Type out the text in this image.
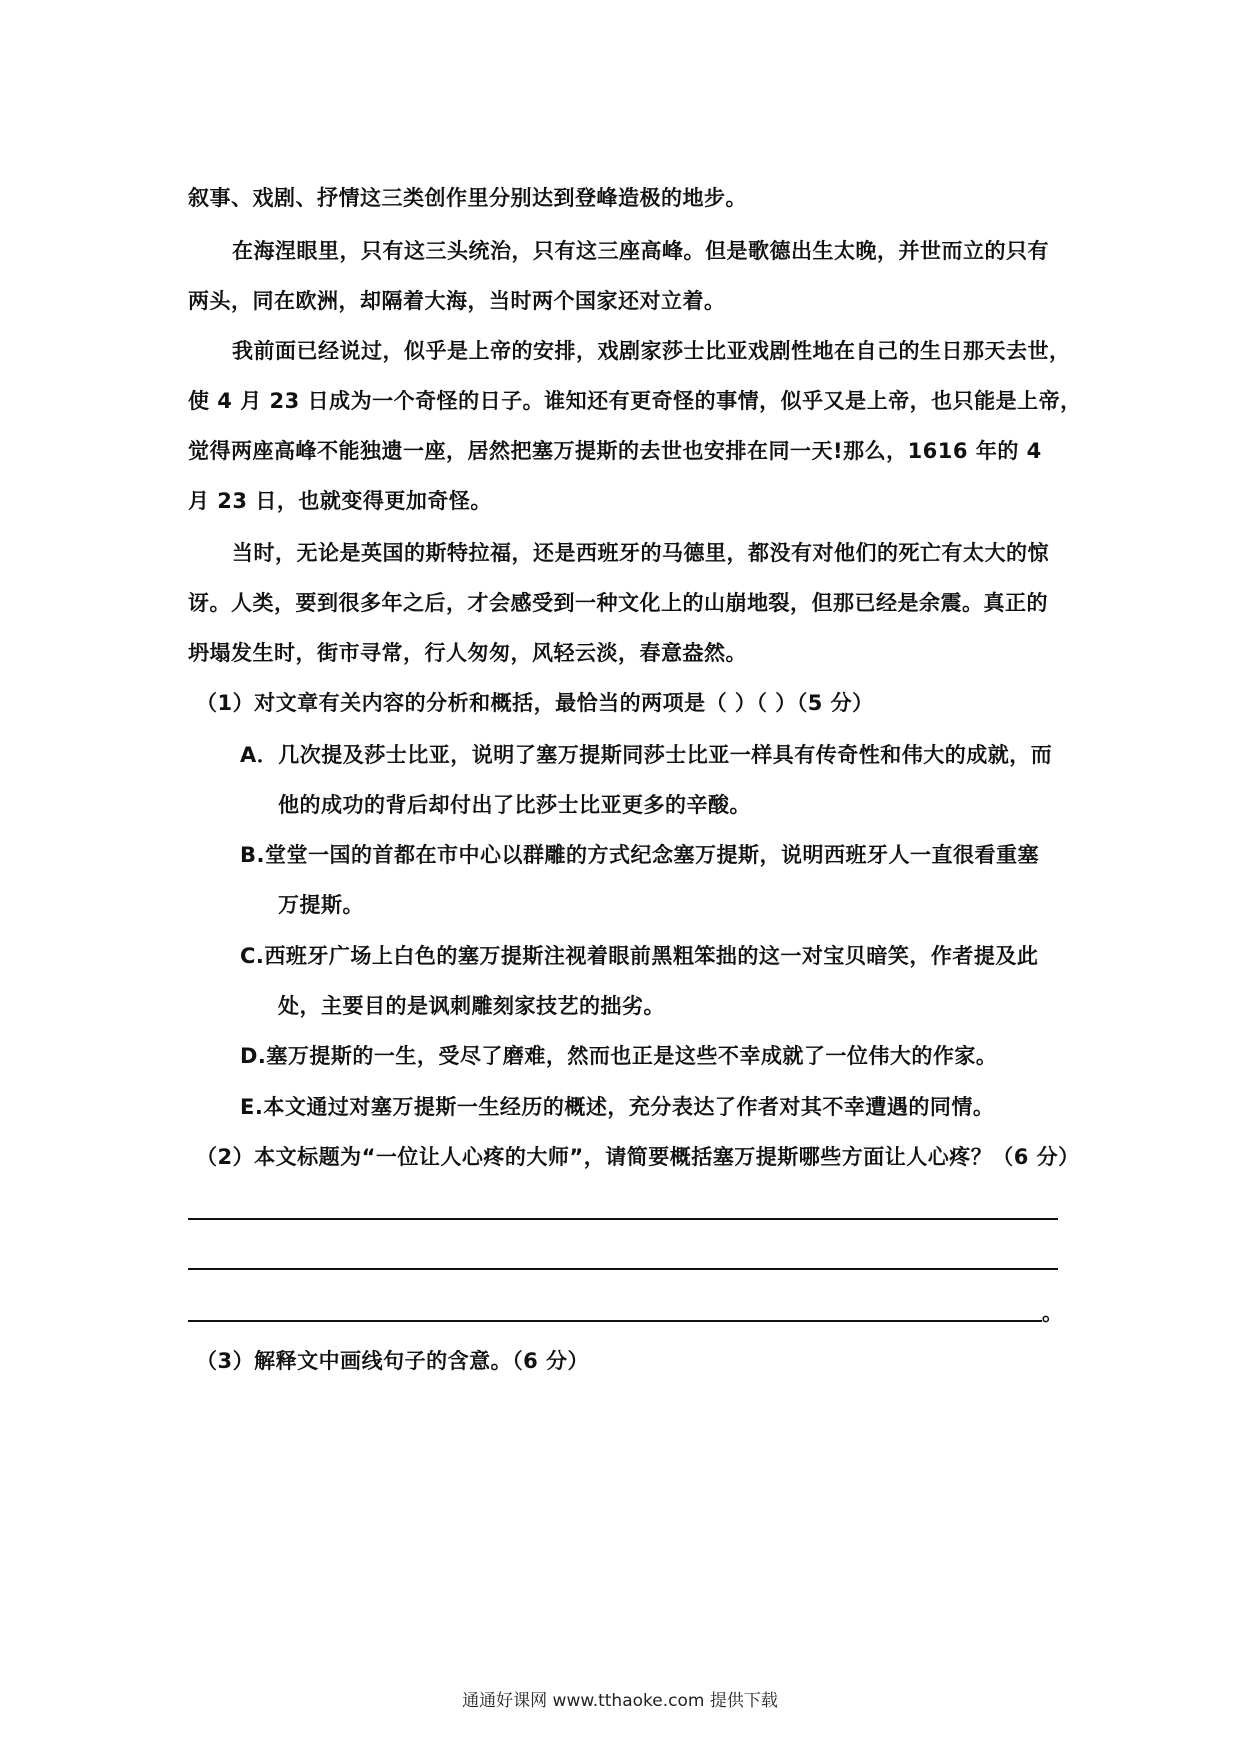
叙事、戏剧、抒情这三类创作里分别达到登峰造极的地步。
在海涅眼里，只有这三头统治，只有这三座高峰。但是歌德出生太晚，并世而立的只有
两头，同在欧洲，却隔着大海，当时两个国家还对立着。
我前面已经说过，似乎是上帝的安排，戏剧家莎士比亚戏剧性地在自己的生日那天去世，
使 4 月 23 日成为一个奇怪的日子。谁知还有更奇怪的事情，似乎又是上帝，也只能是上帝，
觉得两座高峰不能独遗一座，居然把塞万提斯的去世也安排在同一天!那么，1616 年的 4
月 23 日，也就变得更加奇怪。
当时，无论是英国的斯特拉福，还是西班牙的马德里，都没有对他们的死亡有太大的惊
讶。人类，要到很多年之后，才会感受到一种文化上的山崩地裂，但那已经是余震。真正的
坍塌发生时，街市寻常，行人匆匆，风轻云淡，春意盎然。
（1）对文章有关内容的分析和概括，最恰当的两项是（ ）（ ）（5 分）
A．几次提及莎士比亚，说明了塞万提斯同莎士比亚一样具有传奇性和伟大的成就，而
他的成功的背后却付出了比莎士比亚更多的辛酸。
B.堂堂一国的首都在市中心以群雕的方式纪念塞万提斯，说明西班牙人一直很看重塞
万提斯。
C.西班牙广场上白色的塞万提斯注视着眼前黑粗笨拙的这一对宝贝暗笑，作者提及此
处，主要目的是讽刺雕刻家技艺的拙劣。
D.塞万提斯的一生，受尽了磨难，然而也正是这些不幸成就了一位伟大的作家。
E.本文通过对塞万提斯一生经历的概述，充分表达了作者对其不幸遭遇的同情。
（2）本文标题为“一位让人心疼的大师”，请简要概括塞万提斯哪些方面让人心疼？（6 分）
。
（3）解释文中画线句子的含意。（6 分）
通通好课网 www.tthaoke.com 提供下载
